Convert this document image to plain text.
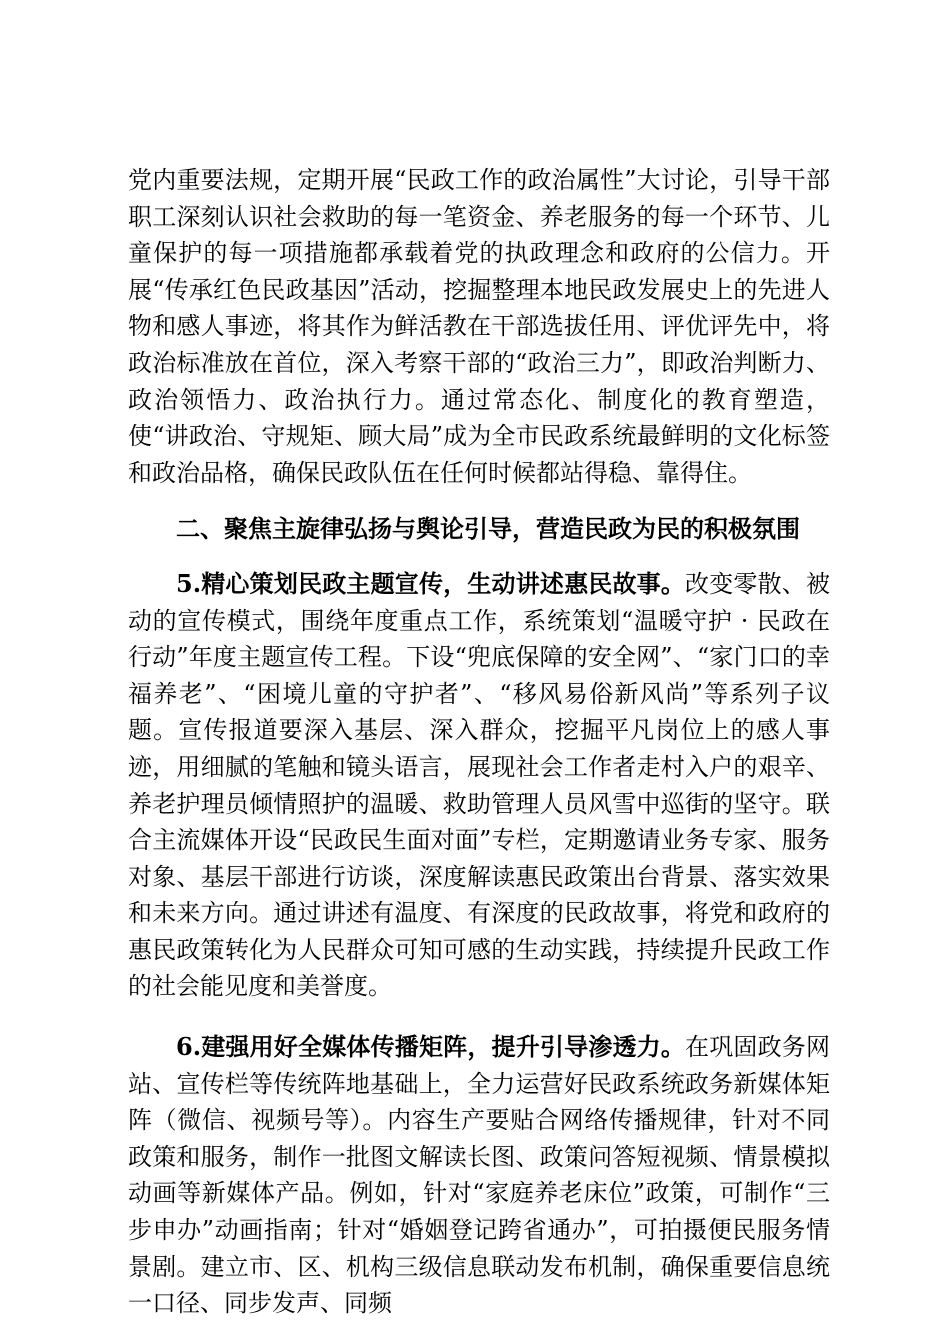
党内重要法规，定期开展“民政工作的政治属性”大讨论，引导干部职工深刻认识社会救助的每一笔资金、养老服务的每一个环节、儿童保护的每一项措施都承载着党的执政理念和政府的公信力。开展“传承红色民政基因”活动，挖掘整理本地民政发展史上的先进人物和感人事迹，将其作为鲜活教在干部选拔任用、评优评先中，将政治标准放在首位，深入考察干部的“政治三力”，即政治判断力、政治领悟力、政治执行力。通过常态化、制度化的教育塑造，使“讲政治、守规矩、顾大局”成为全市民政系统最鲜明的文化标签和政治品格，确保民政队伍在任何时候都站得稳、靠得住。

二、聚焦主旋律弘扬与舆论引导，营造民政为民的积极氛围

5.精心策划民政主题宣传，生动讲述惠民故事。改变零散、被动的宣传模式，围绕年度重点工作，系统策划“温暖守护 · 民政在行动”年度主题宣传工程。下设“兜底保障的安全网”、“家门口的幸福养老”、“困境儿童的守护者”、“移风易俗新风尚”等系列子议题。宣传报道要深入基层、深入群众，挖掘平凡岗位上的感人事迹，用细腻的笔触和镜头语言，展现社会工作者走村入户的艰辛、养老护理员倾情照护的温暖、救助管理人员风雪中巡街的坚守。联合主流媒体开设“民政民生面对面”专栏，定期邀请业务专家、服务对象、基层干部进行访谈，深度解读惠民政策出台背景、落实效果和未来方向。通过讲述有温度、有深度的民政故事，将党和政府的惠民政策转化为人民群众可知可感的生动实践，持续提升民政工作的社会能见度和美誉度。

6.建强用好全媒体传播矩阵，提升引导渗透力。在巩固政务网站、宣传栏等传统阵地基础上，全力运营好民政系统政务新媒体矩阵（微信、视频号等）。内容生产要贴合网络传播规律，针对不同政策和服务，制作一批图文解读长图、政策问答短视频、情景模拟动画等新媒体产品。例如，针对“家庭养老床位”政策，可制作“三步申办”动画指南；针对“婚姻登记跨省通办”，可拍摄便民服务情景剧。建立市、区、机构三级信息联动发布机制，确保重要信息统一口径、同步发声、同频
